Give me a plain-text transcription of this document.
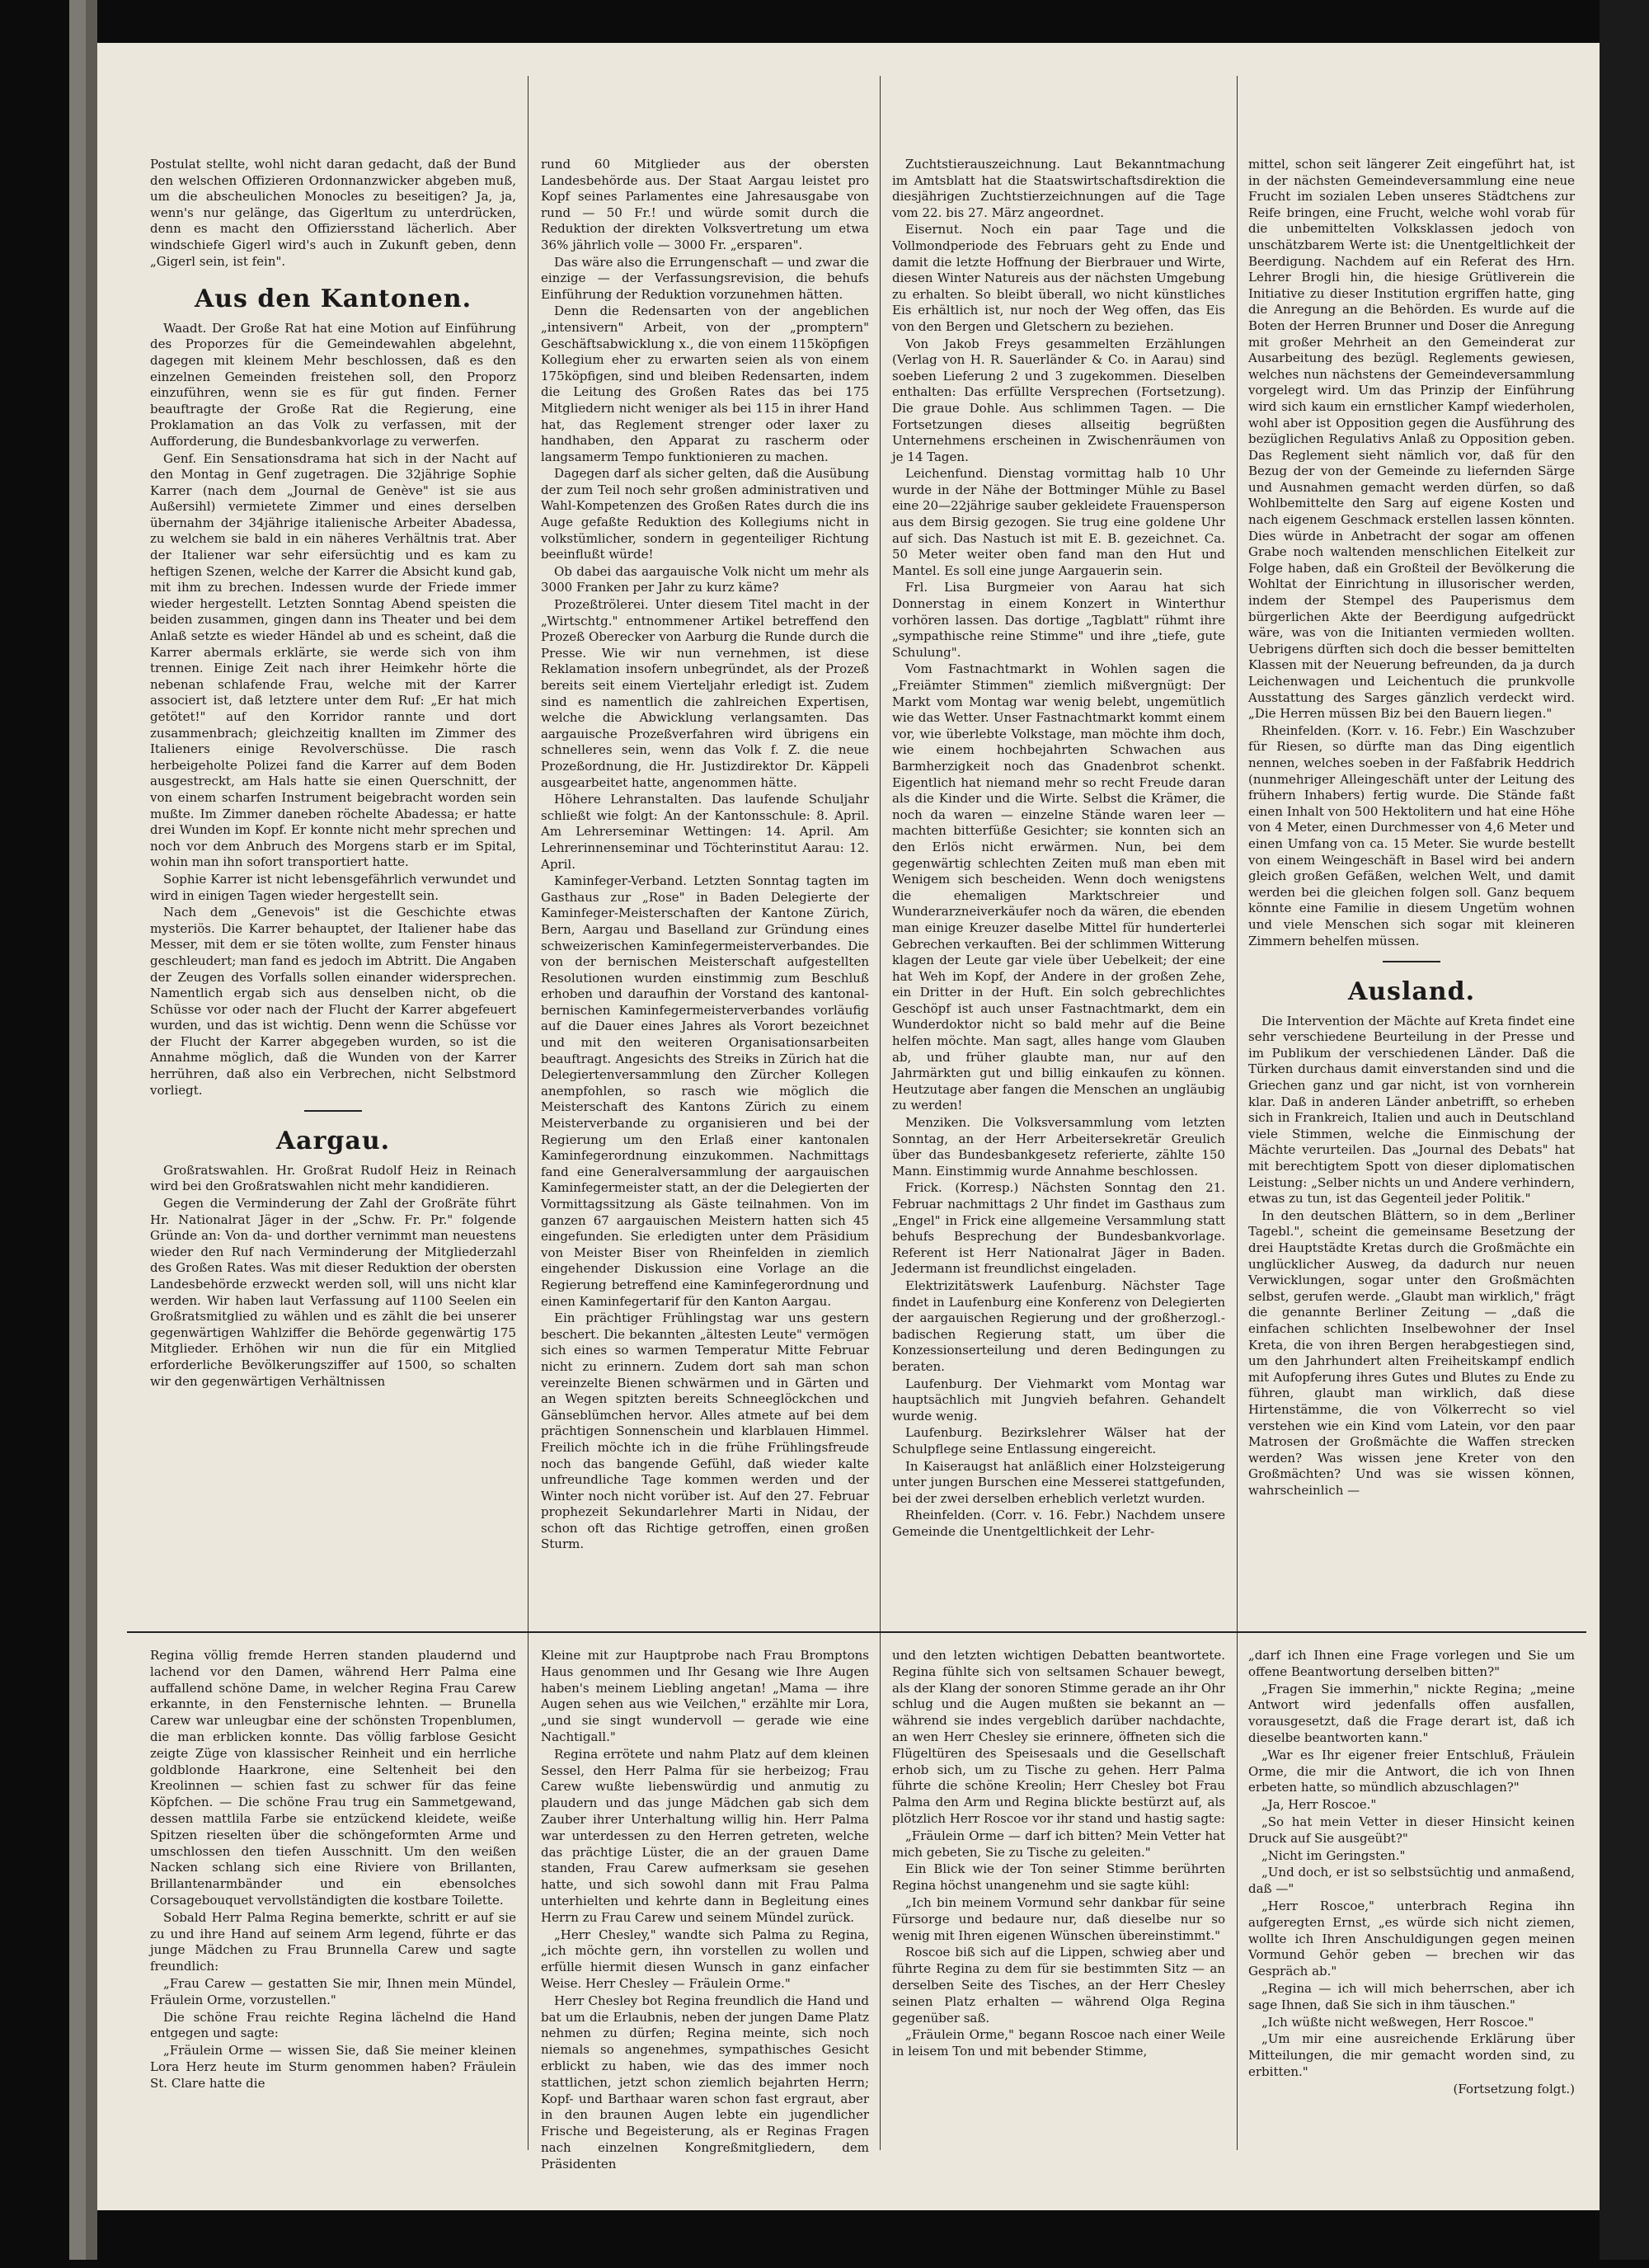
Postulat stellte, wohl nicht daran gedacht, daß der Bund den welschen Offizieren Ordonnanzwicker abgeben muß, um die abscheulichen Monocles zu beseitigen? Ja, ja, wenn's nur gelänge, das Gigerltum zu unterdrücken, denn es macht den Offiziersstand lächerlich. Aber windschiefe Gigerl wird's auch in Zukunft geben, denn „Gigerl sein, ist fein".

Aus den Kantonen.

Waadt. Der Große Rat hat eine Motion auf Einführung des Proporzes für die Gemeindewahlen abgelehnt, dagegen mit kleinem Mehr beschlossen, daß es den einzelnen Gemeinden freistehen soll, den Proporz einzuführen, wenn sie es für gut finden. Ferner beauftragte der Große Rat die Regierung, eine Proklamation an das Volk zu verfassen, mit der Aufforderung, die Bundesbankvorlage zu verwerfen.

Genf. Ein Sensationsdrama hat sich in der Nacht auf den Montag in Genf zugetragen. Die 32jährige Sophie Karrer (nach dem „Journal de Genève" ist sie aus Außersihl) vermietete Zimmer und eines derselben übernahm der 34jährige italienische Arbeiter Abadessa, zu welchem sie bald in ein näheres Verhältnis trat. Aber der Italiener war sehr eifersüchtig und es kam zu heftigen Szenen, welche der Karrer die Absicht kund gab, mit ihm zu brechen. Indessen wurde der Friede immer wieder hergestellt. Letzten Sonntag Abend speisten die beiden zusammen, gingen dann ins Theater und bei dem Anlaß setzte es wieder Händel ab und es scheint, daß die Karrer abermals erklärte, sie werde sich von ihm trennen. Einige Zeit nach ihrer Heimkehr hörte die nebenan schlafende Frau, welche mit der Karrer associert ist, daß letztere unter dem Ruf: „Er hat mich getötet!" auf den Korridor rannte und dort zusammenbrach; gleichzeitig knallten im Zimmer des Italieners einige Revolverschüsse. Die rasch herbeigeholte Polizei fand die Karrer auf dem Boden ausgestreckt, am Hals hatte sie einen Querschnitt, der von einem scharfen Instrument beigebracht worden sein mußte. Im Zimmer daneben röchelte Abadessa; er hatte drei Wunden im Kopf. Er konnte nicht mehr sprechen und noch vor dem Anbruch des Morgens starb er im Spital, wohin man ihn sofort transportiert hatte.

Sophie Karrer ist nicht lebensgefährlich verwundet und wird in einigen Tagen wieder hergestellt sein.

Nach dem „Genevois" ist die Geschichte etwas mysteriös. Die Karrer behauptet, der Italiener habe das Messer, mit dem er sie töten wollte, zum Fenster hinaus geschleudert; man fand es jedoch im Abtritt. Die Angaben der Zeugen des Vorfalls sollen einander widersprechen. Namentlich ergab sich aus denselben nicht, ob die Schüsse vor oder nach der Flucht der Karrer abgefeuert wurden, und das ist wichtig. Denn wenn die Schüsse vor der Flucht der Karrer abgegeben wurden, so ist die Annahme möglich, daß die Wunden von der Karrer herrühren, daß also ein Verbrechen, nicht Selbstmord vorliegt.

Aargau.

Großratswahlen. Hr. Großrat Rudolf Heiz in Reinach wird bei den Großratswahlen nicht mehr kandidieren.

Gegen die Verminderung der Zahl der Großräte führt Hr. Nationalrat Jäger in der „Schw. Fr. Pr." folgende Gründe an: Von da- und dorther vernimmt man neuestens wieder den Ruf nach Verminderung der Mitgliederzahl des Großen Rates. Was mit dieser Reduktion der obersten Landesbehörde erzweckt werden soll, will uns nicht klar werden. Wir haben laut Verfassung auf 1100 Seelen ein Großratsmitglied zu wählen und es zählt die bei unserer gegenwärtigen Wahlziffer die Behörde gegenwärtig 175 Mitglieder. Erhöhen wir nun die für ein Mitglied erforderliche Bevölkerungsziffer auf 1500, so schalten wir den gegenwärtigen Verhältnissen

rund 60 Mitglieder aus der obersten Landesbehörde aus. Der Staat Aargau leistet pro Kopf seines Parlamentes eine Jahresausgabe von rund — 50 Fr.! und würde somit durch die Reduktion der direkten Volksvertretung um etwa 36% jährlich volle — 3000 Fr. „ersparen".

Das wäre also die Errungenschaft — und zwar die einzige — der Verfassungsrevision, die behufs Einführung der Reduktion vorzunehmen hätten.

Denn die Redensarten von der angeblichen „intensivern" Arbeit, von der „promptern" Geschäftsabwicklung x., die von einem 115köpfigen Kollegium eher zu erwarten seien als von einem 175köpfigen, sind und bleiben Redensarten, indem die Leitung des Großen Rates das bei 175 Mitgliedern nicht weniger als bei 115 in ihrer Hand hat, das Reglement strenger oder laxer zu handhaben, den Apparat zu rascherm oder langsamerm Tempo funktionieren zu machen.

Dagegen darf als sicher gelten, daß die Ausübung der zum Teil noch sehr großen administrativen und Wahl-Kompetenzen des Großen Rates durch die ins Auge gefaßte Reduktion des Kollegiums nicht in volkstümlicher, sondern in gegenteiliger Richtung beeinflußt würde!

Ob dabei das aargauische Volk nicht um mehr als 3000 Franken per Jahr zu kurz käme?

Prozeßtrölerei. Unter diesem Titel macht in der „Wirtschtg." entnommener Artikel betreffend den Prozeß Oberecker von Aarburg die Runde durch die Presse. Wie wir nun vernehmen, ist diese Reklamation insofern unbegründet, als der Prozeß bereits seit einem Vierteljahr erledigt ist. Zudem sind es namentlich die zahlreichen Expertisen, welche die Abwicklung verlangsamten. Das aargauische Prozeßverfahren wird übrigens ein schnelleres sein, wenn das Volk f. Z. die neue Prozeßordnung, die Hr. Justizdirektor Dr. Käppeli ausgearbeitet hatte, angenommen hätte.

Höhere Lehranstalten. Das laufende Schuljahr schließt wie folgt: An der Kantonsschule: 8. April. Am Lehrerseminar Wettingen: 14. April. Am Lehrerinnenseminar und Töchterinstitut Aarau: 12. April.

Kaminfeger-Verband. Letzten Sonntag tagten im Gasthaus zur „Rose" in Baden Delegierte der Kaminfeger-Meisterschaften der Kantone Zürich, Bern, Aargau und Baselland zur Gründung eines schweizerischen Kaminfegermeisterverbandes. Die von der bernischen Meisterschaft aufgestellten Resolutionen wurden einstimmig zum Beschluß erhoben und daraufhin der Vorstand des kantonal-bernischen Kaminfegermeisterverbandes vorläufig auf die Dauer eines Jahres als Vorort bezeichnet und mit den weiteren Organisationsarbeiten beauftragt. Angesichts des Streiks in Zürich hat die Delegiertenversammlung den Zürcher Kollegen anempfohlen, so rasch wie möglich die Meisterschaft des Kantons Zürich zu einem Meisterverbande zu organisieren und bei der Regierung um den Erlaß einer kantonalen Kaminfegerordnung einzukommen. Nachmittags fand eine Generalversammlung der aargauischen Kaminfegermeister statt, an der die Delegierten der Vormittagssitzung als Gäste teilnahmen. Von im ganzen 67 aargauischen Meistern hatten sich 45 eingefunden. Sie erledigten unter dem Präsidium von Meister Biser von Rheinfelden in ziemlich eingehender Diskussion eine Vorlage an die Regierung betreffend eine Kaminfegerordnung und einen Kaminfegertarif für den Kanton Aargau.

Ein prächtiger Frühlingstag war uns gestern beschert. Die bekannten „ältesten Leute" vermögen sich eines so warmen Temperatur Mitte Februar nicht zu erinnern. Zudem dort sah man schon vereinzelte Bienen schwärmen und in Gärten und an Wegen spitzten bereits Schneeglöckchen und Gänseblümchen hervor. Alles atmete auf bei dem prächtigen Sonnenschein und klarblauen Himmel. Freilich möchte ich in die frühe Frühlingsfreude noch das bangende Gefühl, daß wieder kalte unfreundliche Tage kommen werden und der Winter noch nicht vorüber ist. Auf den 27. Februar prophezeit Sekundarlehrer Marti in Nidau, der schon oft das Richtige getroffen, einen großen Sturm.

Zuchtstierauszeichnung. Laut Bekanntmachung im Amtsblatt hat die Staatswirtschaftsdirektion die diesjährigen Zuchtstierzeichnungen auf die Tage vom 22. bis 27. März angeordnet.

Eisernut. Noch ein paar Tage und die Vollmondperiode des Februars geht zu Ende und damit die letzte Hoffnung der Bierbrauer und Wirte, diesen Winter Natureis aus der nächsten Umgebung zu erhalten. So bleibt überall, wo nicht künstliches Eis erhältlich ist, nur noch der Weg offen, das Eis von den Bergen und Gletschern zu beziehen.

Von Jakob Freys gesammelten Erzählungen (Verlag von H. R. Sauerländer & Co. in Aarau) sind soeben Lieferung 2 und 3 zugekommen. Dieselben enthalten: Das erfüllte Versprechen (Fortsetzung). Die graue Dohle. Aus schlimmen Tagen. — Die Fortsetzungen dieses allseitig begrüßten Unternehmens erscheinen in Zwischenräumen von je 14 Tagen.

Leichenfund. Dienstag vormittag halb 10 Uhr wurde in der Nähe der Bottminger Mühle zu Basel eine 20—22jährige sauber gekleidete Frauensperson aus dem Birsig gezogen. Sie trug eine goldene Uhr auf sich. Das Nastuch ist mit E. B. gezeichnet. Ca. 50 Meter weiter oben fand man den Hut und Mantel. Es soll eine junge Aargauerin sein.

Frl. Lisa Burgmeier von Aarau hat sich Donnerstag in einem Konzert in Winterthur vorhören lassen. Das dortige „Tagblatt" rühmt ihre „sympathische reine Stimme" und ihre „tiefe, gute Schulung".

Vom Fastnachtmarkt in Wohlen sagen die „Freiämter Stimmen" ziemlich mißvergnügt: Der Markt vom Montag war wenig belebt, ungemütlich wie das Wetter. Unser Fastnachtmarkt kommt einem vor, wie überlebte Volkstage, man möchte ihm doch, wie einem hochbejahrten Schwachen aus Barmherzigkeit noch das Gnadenbrot schenkt. Eigentlich hat niemand mehr so recht Freude daran als die Kinder und die Wirte. Selbst die Krämer, die noch da waren — einzelne Stände waren leer — machten bitterfüße Gesichter; sie konnten sich an den Erlös nicht erwärmen. Nun, bei dem gegenwärtig schlechten Zeiten muß man eben mit Wenigem sich bescheiden. Wenn doch wenigstens die ehemaligen Marktschreier und Wunderarzneiverkäufer noch da wären, die ebenden man einige Kreuzer daselbe Mittel für hunderterlei Gebrechen verkauften. Bei der schlimmen Witterung klagen der Leute gar viele über Uebelkeit; der eine hat Weh im Kopf, der Andere in der großen Zehe, ein Dritter in der Huft. Ein solch gebrechlichtes Geschöpf ist auch unser Fastnachtmarkt, dem ein Wunderdoktor nicht so bald mehr auf die Beine helfen möchte. Man sagt, alles hange vom Glauben ab, und früher glaubte man, nur auf den Jahrmärkten gut und billig einkaufen zu können. Heutzutage aber fangen die Menschen an ungläubig zu werden!

Menziken. Die Volksversammlung vom letzten Sonntag, an der Herr Arbeitersekretär Greulich über das Bundesbankgesetz referierte, zählte 150 Mann. Einstimmig wurde Annahme beschlossen.

Frick. (Korresp.) Nächsten Sonntag den 21. Februar nachmittags 2 Uhr findet im Gasthaus zum „Engel" in Frick eine allgemeine Versammlung statt behufs Besprechung der Bundesbankvorlage. Referent ist Herr Nationalrat Jäger in Baden. Jedermann ist freundlichst eingeladen.

Elektrizitätswerk Laufenburg. Nächster Tage findet in Laufenburg eine Konferenz von Delegierten der aargauischen Regierung und der großherzogl.-badischen Regierung statt, um über die Konzessionserteilung und deren Bedingungen zu beraten.

Laufenburg. Der Viehmarkt vom Montag war hauptsächlich mit Jungvieh befahren. Gehandelt wurde wenig.

Laufenburg. Bezirkslehrer Wälser hat der Schulpflege seine Entlassung eingereicht.

In Kaiseraugst hat anläßlich einer Holzsteigerung unter jungen Burschen eine Messerei stattgefunden, bei der zwei derselben erheblich verletzt wurden.

Rheinfelden. (Corr. v. 16. Febr.) Nachdem unsere Gemeinde die Unentgeltlichkeit der Lehr-

mittel, schon seit längerer Zeit eingeführt hat, ist in der nächsten Gemeindeversammlung eine neue Frucht im sozialen Leben unseres Städtchens zur Reife bringen, eine Frucht, welche wohl vorab für die unbemittelten Volksklassen jedoch von unschätzbarem Werte ist: die Unentgeltlichkeit der Beerdigung. Nachdem auf ein Referat des Hrn. Lehrer Brogli hin, die hiesige Grütliverein die Initiative zu dieser Institution ergriffen hatte, ging die Anregung an die Behörden. Es wurde auf die Boten der Herren Brunner und Doser die Anregung mit großer Mehrheit an den Gemeinderat zur Ausarbeitung des bezügl. Reglements gewiesen, welches nun nächstens der Gemeindeversammlung vorgelegt wird. Um das Prinzip der Einführung wird sich kaum ein ernstlicher Kampf wiederholen, wohl aber ist Opposition gegen die Ausführung des bezüglichen Regulativs Anlaß zu Opposition geben. Das Reglement sieht nämlich vor, daß für den Bezug der von der Gemeinde zu liefernden Särge und Ausnahmen gemacht werden dürfen, so daß Wohlbemittelte den Sarg auf eigene Kosten und nach eigenem Geschmack erstellen lassen könnten. Dies würde in Anbetracht der sogar am offenen Grabe noch waltenden menschlichen Eitelkeit zur Folge haben, daß ein Großteil der Bevölkerung die Wohltat der Einrichtung in illusorischer werden, indem der Stempel des Pauperismus dem bürgerlichen Akte der Beerdigung aufgedrückt wäre, was von die Initianten vermieden wollten. Uebrigens dürften sich doch die besser bemittelten Klassen mit der Neuerung befreunden, da ja durch Leichenwagen und Leichentuch die prunkvolle Ausstattung des Sarges gänzlich verdeckt wird. „Die Herren müssen Biz bei den Bauern liegen."

Rheinfelden. (Korr. v. 16. Febr.) Ein Waschzuber für Riesen, so dürfte man das Ding eigentlich nennen, welches soeben in der Faßfabrik Heddrich (nunmehriger Alleingeschäft unter der Leitung des frühern Inhabers) fertig wurde. Die Stände faßt einen Inhalt von 500 Hektolitern und hat eine Höhe von 4 Meter, einen Durchmesser von 4,6 Meter und einen Umfang von ca. 15 Meter. Sie wurde bestellt von einem Weingeschäft in Basel wird bei andern gleich großen Gefäßen, welchen Welt, und damit werden bei die gleichen folgen soll. Ganz bequem könnte eine Familie in diesem Ungetüm wohnen und viele Menschen sich sogar mit kleineren Zimmern behelfen müssen.

Ausland.

Die Intervention der Mächte auf Kreta findet eine sehr verschiedene Beurteilung in der Presse und im Publikum der verschiedenen Länder. Daß die Türken durchaus damit einverstanden sind und die Griechen ganz und gar nicht, ist von vornherein klar. Daß in anderen Länder anbetrifft, so erheben sich in Frankreich, Italien und auch in Deutschland viele Stimmen, welche die Einmischung der Mächte verurteilen. Das „Journal des Debats" hat mit berechtigtem Spott von dieser diplomatischen Leistung: „Selber nichts un und Andere verhindern, etwas zu tun, ist das Gegenteil jeder Politik."

In den deutschen Blättern, so in dem „Berliner Tagebl.", scheint die gemeinsame Besetzung der drei Hauptstädte Kretas durch die Großmächte ein unglücklicher Ausweg, da dadurch nur neuen Verwicklungen, sogar unter den Großmächten selbst, gerufen werde. „Glaubt man wirklich," frägt die genannte Berliner Zeitung — „daß die einfachen schlichten Inselbewohner der Insel Kreta, die von ihren Bergen herabgestiegen sind, um den Jahrhundert alten Freiheitskampf endlich mit Aufopferung ihres Gutes und Blutes zu Ende zu führen, glaubt man wirklich, daß diese Hirtenstämme, die von Völkerrecht so viel verstehen wie ein Kind vom Latein, vor den paar Matrosen der Großmächte die Waffen strecken werden? Was wissen jene Kreter von den Großmächten? Und was sie wissen können, wahrscheinlich —

Regina völlig fremde Herren standen plaudernd und lachend vor den Damen, während Herr Palma eine auffallend schöne Dame, in welcher Regina Frau Carew erkannte, in den Fensternische lehnten. — Brunella Carew war unleugbar eine der schönsten Tropenblumen, die man erblicken konnte. Das völlig farblose Gesicht zeigte Züge von klassischer Reinheit und ein herrliche goldblonde Haarkrone, eine Seltenheit bei den Kreolinnen — schien fast zu schwer für das feine Köpfchen. — Die schöne Frau trug ein Sammetgewand, dessen mattlila Farbe sie entzückend kleidete, weiße Spitzen rieselten über die schöngeformten Arme und umschlossen den tiefen Ausschnitt. Um den weißen Nacken schlang sich eine Riviere von Brillanten, Brillantenarmbänder und ein ebensolches Corsagebouquet vervollständigten die kostbare Toilette.

Sobald Herr Palma Regina bemerkte, schritt er auf sie zu und ihre Hand auf seinem Arm legend, führte er das junge Mädchen zu Frau Brunnella Carew und sagte freundlich:

„Frau Carew — gestatten Sie mir, Ihnen mein Mündel, Fräulein Orme, vorzustellen."

Die schöne Frau reichte Regina lächelnd die Hand entgegen und sagte:

„Fräulein Orme — wissen Sie, daß Sie meiner kleinen Lora Herz heute im Sturm genommen haben? Fräulein St. Clare hatte die

Kleine mit zur Hauptprobe nach Frau Bromptons Haus genommen und Ihr Gesang wie Ihre Augen haben's meinem Liebling angetan! „Mama — ihre Augen sehen aus wie Veilchen," erzählte mir Lora, „und sie singt wundervoll — gerade wie eine Nachtigall."

Regina errötete und nahm Platz auf dem kleinen Sessel, den Herr Palma für sie herbeizog; Frau Carew wußte liebenswürdig und anmutig zu plaudern und das junge Mädchen gab sich dem Zauber ihrer Unterhaltung willig hin. Herr Palma war unterdessen zu den Herren getreten, welche das prächtige Lüster, die an der grauen Dame standen, Frau Carew aufmerksam sie gesehen hatte, und sich sowohl dann mit Frau Palma unterhielten und kehrte dann in Begleitung eines Herrn zu Frau Carew und seinem Mündel zurück.

„Herr Chesley," wandte sich Palma zu Regina, „ich möchte gern, ihn vorstellen zu wollen und erfülle hiermit diesen Wunsch in ganz einfacher Weise. Herr Chesley — Fräulein Orme."

Herr Chesley bot Regina freundlich die Hand und bat um die Erlaubnis, neben der jungen Dame Platz nehmen zu dürfen; Regina meinte, sich noch niemals so angenehmes, sympathisches Gesicht erblickt zu haben, wie das des immer noch stattlichen, jetzt schon ziemlich bejahrten Herrn; Kopf- und Barthaar waren schon fast ergraut, aber in den braunen Augen lebte ein jugendlicher Frische und Begeisterung, als er Reginas Fragen nach einzelnen Kongreßmitgliedern, dem Präsidenten

und den letzten wichtigen Debatten beantwortete. Regina fühlte sich von seltsamen Schauer bewegt, als der Klang der sonoren Stimme gerade an ihr Ohr schlug und die Augen mußten sie bekannt an — während sie indes vergeblich darüber nachdachte, an wen Herr Chesley sie erinnere, öffneten sich die Flügeltüren des Speisesaals und die Gesellschaft erhob sich, um zu Tische zu gehen. Herr Palma führte die schöne Kreolin; Herr Chesley bot Frau Palma den Arm und Regina blickte bestürzt auf, als plötzlich Herr Roscoe vor ihr stand und hastig sagte:

„Fräulein Orme — darf ich bitten? Mein Vetter hat mich gebeten, Sie zu Tische zu geleiten."

Ein Blick wie der Ton seiner Stimme berührten Regina höchst unangenehm und sie sagte kühl:

„Ich bin meinem Vormund sehr dankbar für seine Fürsorge und bedaure nur, daß dieselbe nur so wenig mit Ihren eigenen Wünschen übereinstimmt."

Roscoe biß sich auf die Lippen, schwieg aber und führte Regina zu dem für sie bestimmten Sitz — an derselben Seite des Tisches, an der Herr Chesley seinen Platz erhalten — während Olga Regina gegenüber saß.

„Fräulein Orme," begann Roscoe nach einer Weile in leisem Ton und mit bebender Stimme,

„darf ich Ihnen eine Frage vorlegen und Sie um offene Beantwortung derselben bitten?"

„Fragen Sie immerhin," nickte Regina; „meine Antwort wird jedenfalls offen ausfallen, vorausgesetzt, daß die Frage derart ist, daß ich dieselbe beantworten kann."

„War es Ihr eigener freier Entschluß, Fräulein Orme, die mir die Antwort, die ich von Ihnen erbeten hatte, so mündlich abzuschlagen?"

„Ja, Herr Roscoe."

„So hat mein Vetter in dieser Hinsicht keinen Druck auf Sie ausgeübt?"

„Nicht im Geringsten."

„Und doch, er ist so selbstsüchtig und anmaßend, daß —"

„Herr Roscoe," unterbrach Regina ihn aufgeregten Ernst, „es würde sich nicht ziemen, wollte ich Ihren Anschuldigungen gegen meinen Vormund Gehör geben — brechen wir das Gespräch ab."

„Regina — ich will mich beherrschen, aber ich sage Ihnen, daß Sie sich in ihm täuschen."

„Ich wüßte nicht weßwegen, Herr Roscoe."

„Um mir eine ausreichende Erklärung über Mitteilungen, die mir gemacht worden sind, zu erbitten."

(Fortsetzung folgt.)
